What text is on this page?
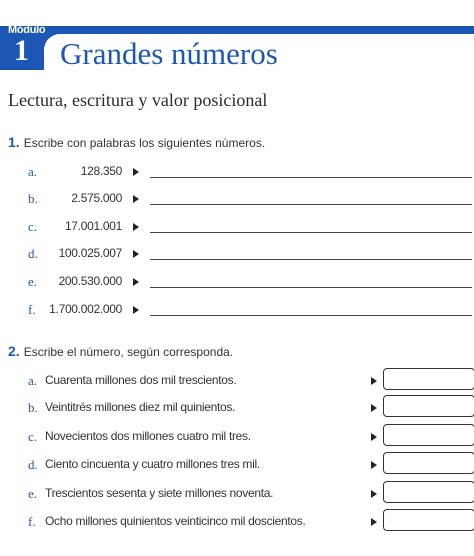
Módulo
1 Grandes números
Lectura, escritura y valor posicional
1. Escribe con palabras los siguientes números.
a.	128.350
b.	2.575.000
c. 17.001.001
d. 100.025.007
e. 200.530.000
f. 1.700.002.000
2. Escribe el número, según corresponda.
a. Cuarenta millones dos mil trescientos.
b. Veintitrés millones diez mil quinientos.
c. Novecientos dos millones cuatro mil tres.
d. Ciento cincuenta y cuatro millones tres mil.
e. Trescientos sesenta y siete millones noventa.
f. Ocho millones quinientos veinticinco mil doscientos.
